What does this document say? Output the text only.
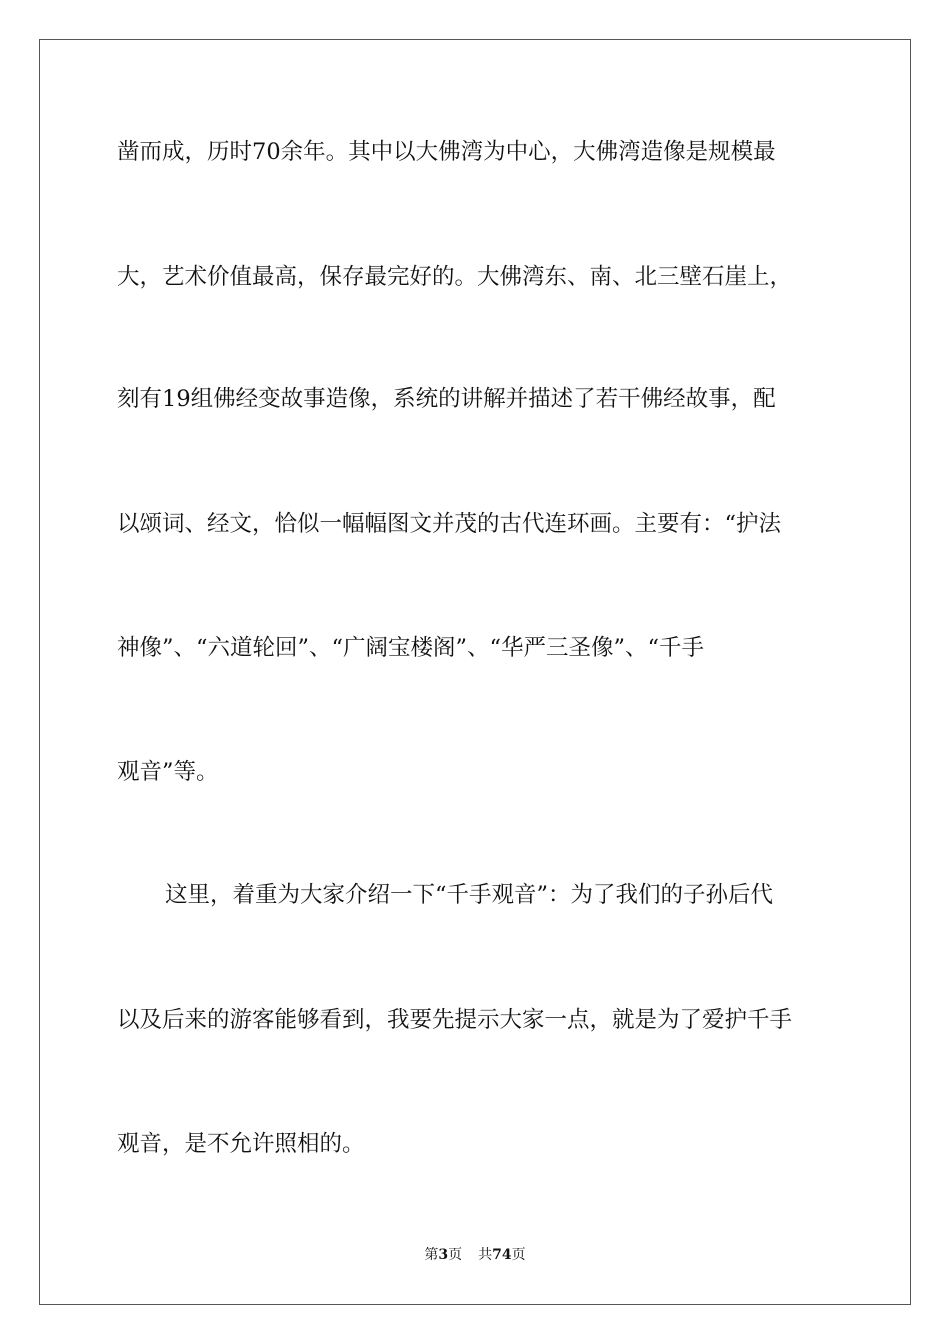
凿而成，历时70余年。其中以大佛湾为中心，大佛湾造像是规模最

大，艺术价值最高，保存最完好的。大佛湾东、南、北三壁石崖上，

刻有19组佛经变故事造像，系统的讲解并描述了若干佛经故事，配

以颂词、经文，恰似一幅幅图文并茂的古代连环画。主要有：“护法

神像”、“六道轮回”、“广阔宝楼阁”、“华严三圣像”、“千手

观音”等。

这里，着重为大家介绍一下“千手观音”：为了我们的子孙后代

以及后来的游客能够看到，我要先提示大家一点，就是为了爱护千手

观音，是不允许照相的。

第3页 共74页
